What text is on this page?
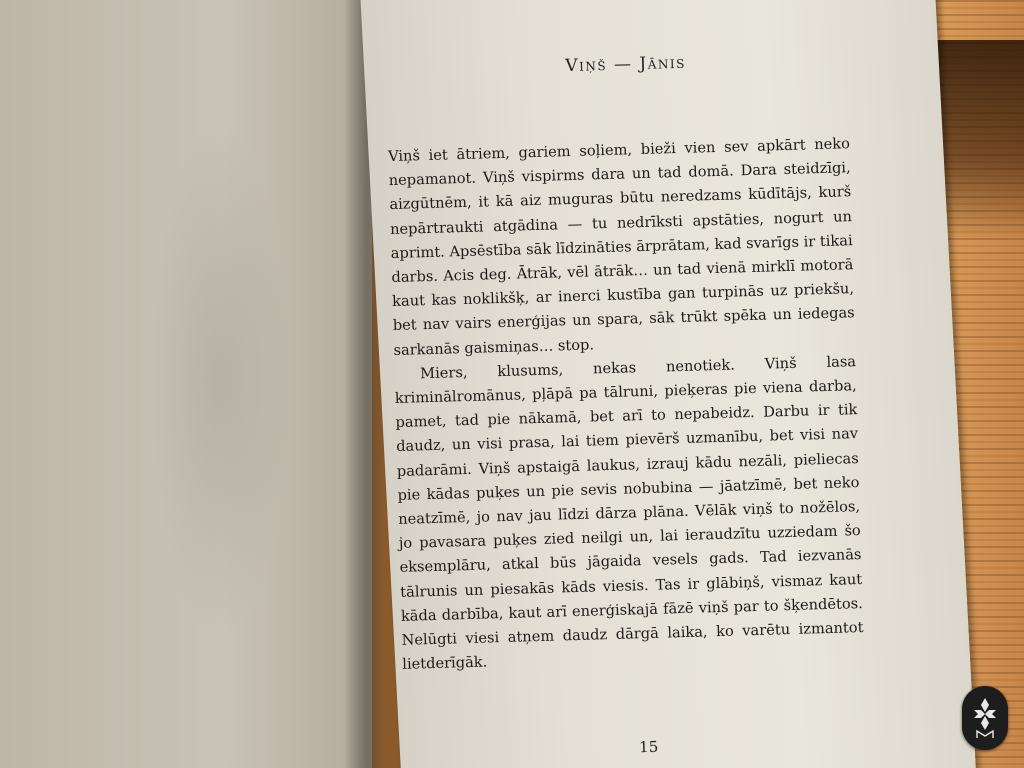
Viņš — Jānis

Viņš iet ātriem, gariem soļiem, bieži vien sev apkārt neko nepamanot. Viņš vispirms dara un tad domā. Dara steidzīgi, aizgūtnēm, it kā aiz muguras būtu neredzams kūdītājs, kurš nepārtraukti atgādina — tu nedrīksti apstāties, nogurt un aprimt. Apsēstība sāk līdzināties ārprātam, kad svarīgs ir tikai darbs. Acis deg. Ātrāk, vēl ātrāk… un tad vienā mirklī motorā kaut kas noklikšķ, ar inerci kustība gan turpinās uz priekšu, bet nav vairs enerģijas un spara, sāk trūkt spēka un iedegas sarkanās gaismiņas… stop.

Miers, klusums, nekas nenotiek. Viņš lasa kriminālromānus, pļāpā pa tālruni, pieķeras pie viena darba, pamet, tad pie nākamā, bet arī to nepabeidz. Darbu ir tik daudz, un visi prasa, lai tiem pievērš uzmanību, bet visi nav padarāmi. Viņš apstaigā laukus, izrauj kādu nezāli, pieliecas pie kādas puķes un pie sevis nobubina — jāatzīmē, bet neko neatzīmē, jo nav jau līdzi dārza plāna. Vēlāk viņš to nožēlos, jo pavasara puķes zied neilgi un, lai ieraudzītu uzziedam šo eksemplāru, atkal būs jāgaida vesels gads. Tad iezvanās tālrunis un piesakās kāds viesis. Tas ir glābiņš, vismaz kaut kāda darbība, kaut arī enerģiskajā fāzē viņš par to šķendētos. Nelūgti viesi atņem daudz dārgā laika, ko varētu izmantot lietderīgāk.

15
